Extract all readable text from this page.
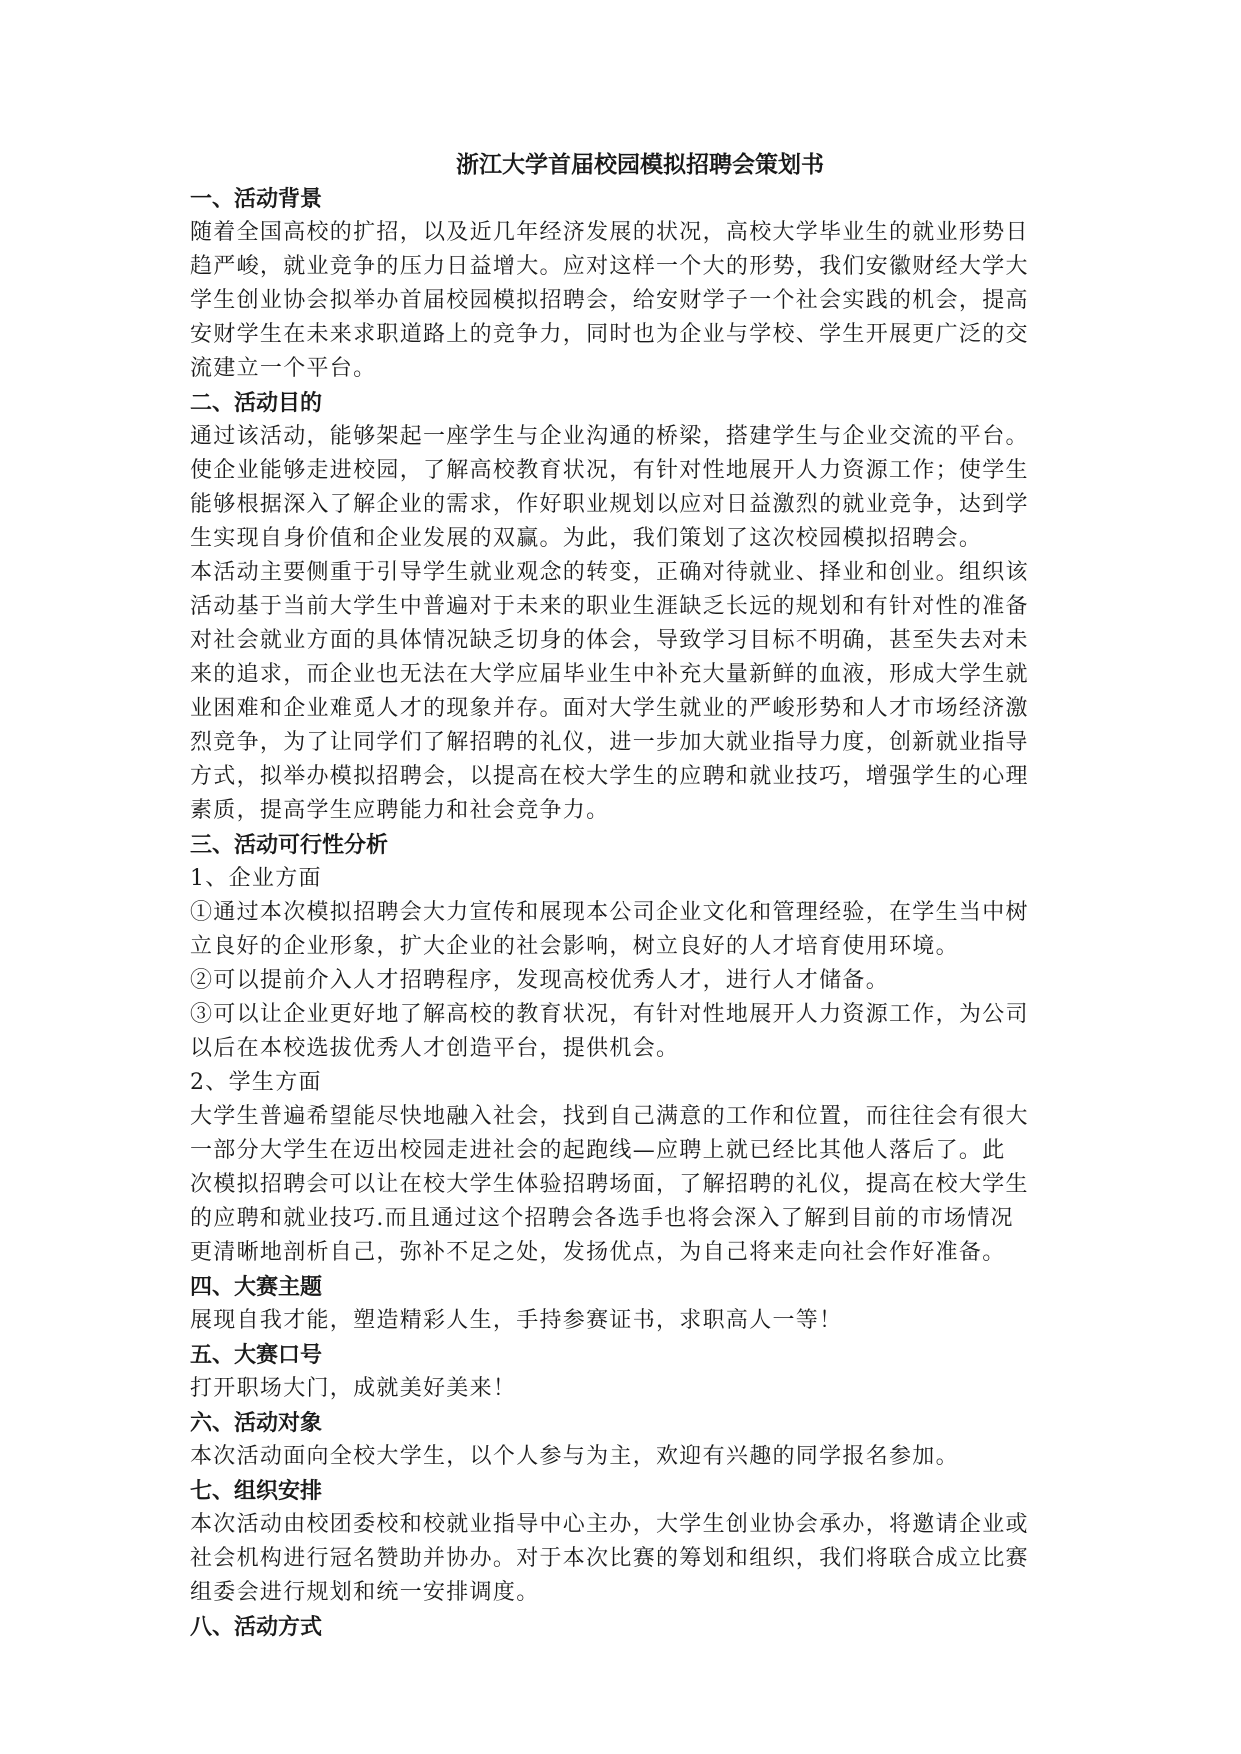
浙江大学首届校园模拟招聘会策划书
一、活动背景

随着全国高校的扩招，以及近几年经济发展的状况，高校大学毕业生的就业形势日
趋严峻，就业竞争的压力日益增大。应对这样一个大的形势，我们安徽财经大学大
学生创业协会拟举办首届校园模拟招聘会，给安财学子一个社会实践的机会，提高
安财学生在未来求职道路上的竞争力，同时也为企业与学校、学生开展更广泛的交
流建立一个平台。

二、活动目的

通过该活动，能够架起一座学生与企业沟通的桥梁，搭建学生与企业交流的平台。
使企业能够走进校园，了解高校教育状况，有针对性地展开人力资源工作；使学生
能够根据深入了解企业的需求，作好职业规划以应对日益激烈的就业竞争，达到学
生实现自身价值和企业发展的双赢。为此，我们策划了这次校园模拟招聘会。

本活动主要侧重于引导学生就业观念的转变，正确对待就业、择业和创业。组织该
活动基于当前大学生中普遍对于未来的职业生涯缺乏长远的规划和有针对性的准备
对社会就业方面的具体情况缺乏切身的体会，导致学习目标不明确，甚至失去对未
来的追求，而企业也无法在大学应届毕业生中补充大量新鲜的血液，形成大学生就
业困难和企业难觅人才的现象并存。面对大学生就业的严峻形势和人才市场经济激
烈竞争，为了让同学们了解招聘的礼仪，进一步加大就业指导力度，创新就业指导
方式，拟举办模拟招聘会，以提高在校大学生的应聘和就业技巧，增强学生的心理
素质，提高学生应聘能力和社会竞争力。

三、活动可行性分析

1、企业方面

①通过本次模拟招聘会大力宣传和展现本公司企业文化和管理经验，在学生当中树
立良好的企业形象，扩大企业的社会影响，树立良好的人才培育使用环境。

②可以提前介入人才招聘程序，发现高校优秀人才，进行人才储备。

③可以让企业更好地了解高校的教育状况，有针对性地展开人力资源工作，为公司
以后在本校选拔优秀人才创造平台，提供机会。

2、学生方面

大学生普遍希望能尽快地融入社会，找到自己满意的工作和位置，而往往会有很大
一部分大学生在迈出校园走进社会的起跑线—应聘上就已经比其他人落后了。此
次模拟招聘会可以让在校大学生体验招聘场面，了解招聘的礼仪，提高在校大学生
的应聘和就业技巧.而且通过这个招聘会各选手也将会深入了解到目前的市场情况
更清晰地剖析自己，弥补不足之处，发扬优点，为自己将来走向社会作好准备。

四、大赛主题

展现自我才能，塑造精彩人生，手持参赛证书，求职高人一等！

五、大赛口号

打开职场大门，成就美好美来！

六、活动对象

本次活动面向全校大学生，以个人参与为主，欢迎有兴趣的同学报名参加。

七、组织安排

本次活动由校团委校和校就业指导中心主办，大学生创业协会承办，将邀请企业或
社会机构进行冠名赞助并协办。对于本次比赛的筹划和组织，我们将联合成立比赛
组委会进行规划和统一安排调度。

八、活动方式
